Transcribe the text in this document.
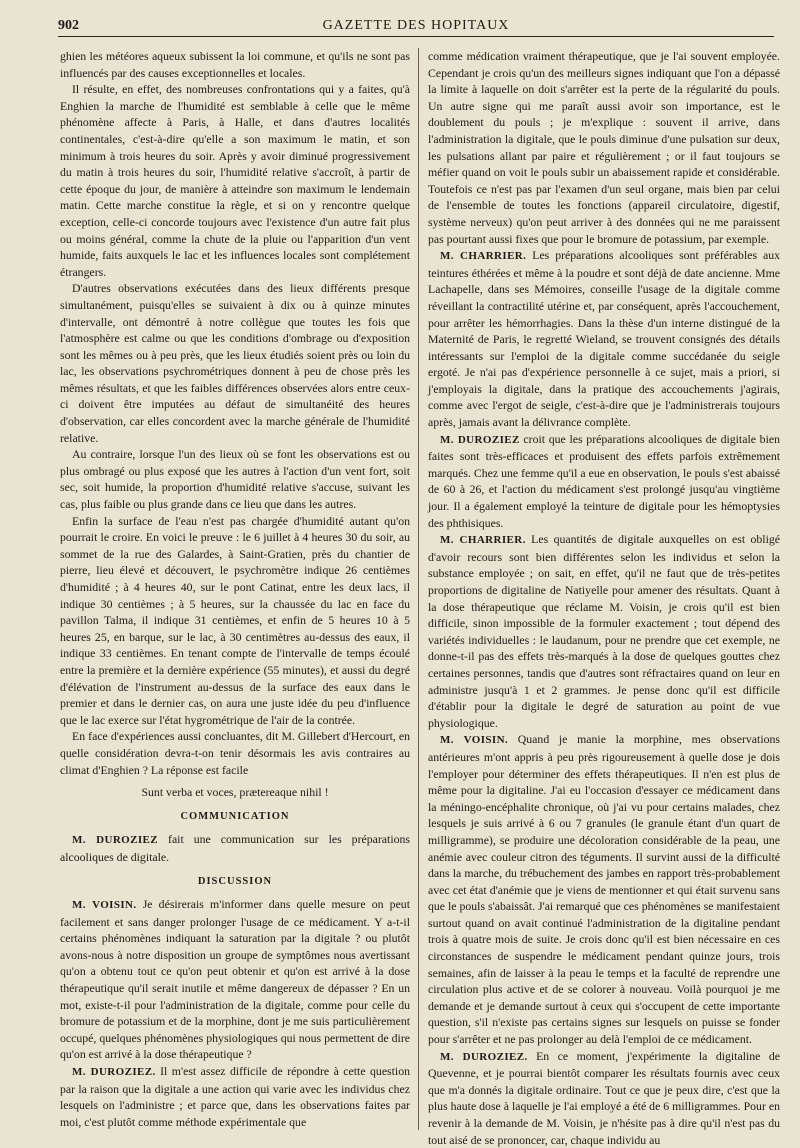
902	GAZETTE DES HOPITAUX

ghien les météores aqueux subissent la loi commune, et qu'ils ne sont pas influencés par des causes exceptionnelles et locales.

Il résulte, en effet, des nombreuses confrontations qui y a faites, qu'à Enghien la marche de l'humidité est semblable à celle que le même phénomène affecte à Paris, à Halle, et dans d'autres localités continentales, c'est-à-dire qu'elle a son maximum le matin, et son minimum à trois heures du soir. Après y avoir diminué progressivement du matin à trois heures du soir, l'humidité relative s'accroît, à partir de cette époque du jour, de manière à atteindre son maximum le lendemain matin. Cette marche constitue la règle, et si on y rencontre quelque exception, celle-ci concorde toujours avec l'existence d'un autre fait plus ou moins général, comme la chute de la pluie ou l'apparition d'un vent humide, faits auxquels le lac et les influences locales sont complétement étrangers.

D'autres observations exécutées dans des lieux différents presque simultanément, puisqu'elles se suivaient à dix ou à quinze minutes d'intervalle, ont démontré à notre collègue que toutes les fois que l'atmosphère est calme ou que les conditions d'ombrage ou d'exposition sont les mêmes ou à peu près, que les lieux étudiés soient près ou loin du lac, les observations psychrométriques donnent à peu de chose près les mêmes résultats, et que les faibles différences observées alors entre ceux-ci doivent être imputées au défaut de simultanéité des heures d'observation, car elles concordent avec la marche générale de l'humidité relative.

Au contraire, lorsque l'un des lieux où se font les observations est ou plus ombragé ou plus exposé que les autres à l'action d'un vent fort, soit sec, soit humide, la proportion d'humidité relative s'accuse, suivant les cas, plus faible ou plus grande dans ce lieu que dans les autres.

Enfin la surface de l'eau n'est pas chargée d'humidité autant qu'on pourrait le croire. En voici le preuve : le 6 juillet à 4 heures 30 du soir, au sommet de la rue des Galardes, à Saint-Gratien, près du chantier de pierre, lieu élevé et découvert, le psychromètre indique 26 centièmes d'humidité ; à 4 heures 40, sur le pont Catinat, entre les deux lacs, il indique 30 centièmes ; à 5 heures, sur la chaussée du lac en face du pavillon Talma, il indique 31 centièmes, et enfin de 5 heures 10 à 5 heures 25, en barque, sur le lac, à 30 centimètres au-dessus des eaux, il indique 33 centièmes. En tenant compte de l'intervalle de temps écoulé entre la première et la dernière expérience (55 minutes), et aussi du degré d'élévation de l'instrument au-dessus de la surface des eaux dans le premier et dans le dernier cas, on aura une juste idée du peu d'influence que le lac exerce sur l'état hygrométrique de l'air de la contrée.

En face d'expériences aussi concluantes, dit M. Gillebert d'Hercourt, en quelle considération devra-t-on tenir désormais les avis contraires au climat d'Enghien ? La réponse est facile

Sunt verba et voces, prætereaque nihil !

COMMUNICATION

M. DUROZIEZ fait une communication sur les préparations alcooliques de digitale.

DISCUSSION

M. VOISIN. Je désirerais m'informer dans quelle mesure on peut facilement et sans danger prolonger l'usage de ce médicament. Y a-t-il certains phénomènes indiquant la saturation par la digitale ? ou plutôt avons-nous à notre disposition un groupe de symptômes nous avertissant qu'on a obtenu tout ce qu'on peut obtenir et qu'on est arrivé à la dose thérapeutique qu'il serait inutile et même dangereux de dépasser ? En un mot, existe-t-il pour l'administration de la digitale, comme pour celle du bromure de potassium et de la morphine, dont je me suis particulièrement occupé, quelques phénomènes physiologiques qui nous permettent de dire qu'on est arrivé à la dose thérapeutique ?

M. DUROZIEZ. Il m'est assez difficile de répondre à cette question par la raison que la digitale a une action qui varie avec les individus chez lesquels on l'administre ; et parce que, dans les observations faites par moi, c'est plutôt comme méthode expérimentale que

comme médication vraiment thérapeutique, que je l'ai souvent employée. Cependant je crois qu'un des meilleurs signes indiquant que l'on a dépassé la limite à laquelle on doit s'arrêter est la perte de la régularité du pouls. Un autre signe qui me paraît aussi avoir son importance, est le doublement du pouls ; je m'explique : souvent il arrive, dans l'administration la digitale, que le pouls diminue d'une pulsation sur deux, les pulsations allant par paire et régulièrement ; or il faut toujours se méfier quand on voit le pouls subir un abaissement rapide et considérable. Toutefois ce n'est pas par l'examen d'un seul organe, mais bien par celui de l'ensemble de toutes les fonctions (appareil circulatoire, digestif, système nerveux) qu'on peut arriver à des données qui ne me paraissent pas pourtant aussi fixes que pour le bromure de potassium, par exemple.

M. CHARRIER. Les préparations alcooliques sont préférables aux teintures éthérées et même à la poudre et sont déjà de date ancienne. Mme Lachapelle, dans ses Mémoires, conseille l'usage de la digitale comme réveillant la contractilité utérine et, par conséquent, après l'accouchement, pour arrêter les hémorrhagies. Dans la thèse d'un interne distingué de la Maternité de Paris, le regretté Wieland, se trouvent consignés des détails intéressants sur l'emploi de la digitale comme succédanée du seigle ergoté. Je n'ai pas d'expérience personnelle à ce sujet, mais a priori, si j'employais la digitale, dans la pratique des accouchements j'agirais, comme avec l'ergot de seigle, c'est-à-dire que je l'administrerais toujours après, jamais avant la délivrance complète.

M. DUROZIEZ croit que les préparations alcooliques de digitale bien faites sont très-efficaces et produisent des effets parfois extrêmement marqués. Chez une femme qu'il a eue en observation, le pouls s'est abaissé de 60 à 26, et l'action du médicament s'est prolongé jusqu'au vingtième jour. Il a également employé la teinture de digitale pour les hémoptysies des phthisiques.

M. CHARRIER. Les quantités de digitale auxquelles on est obligé d'avoir recours sont bien différentes selon les individus et selon la substance employée ; on sait, en effet, qu'il ne faut que de très-petites proportions de digitaline de Natiyelle pour amener des résultats. Quant à la dose thérapeutique que réclame M. Voisin, je crois qu'il est bien difficile, sinon impossible de la formuler exactement ; tout dépend des variétés individuelles : le laudanum, pour ne prendre que cet exemple, ne donne-t-il pas des effets très-marqués à la dose de quelques gouttes chez certaines personnes, tandis que d'autres sont réfractaires quand on leur en administre jusqu'à 1 et 2 grammes. Je pense donc qu'il est difficile d'établir pour la digitale le degré de saturation au point de vue physiologique.

M. VOISIN. Quand je manie la morphine, mes observations antérieures m'ont appris à peu près rigoureusement à quelle dose je dois l'employer pour déterminer des effets thérapeutiques. Il n'en est plus de même pour la digitaline. J'ai eu l'occasion d'essayer ce médicament dans la méningo-encéphalite chronique, où j'ai vu pour certains malades, chez lesquels je suis arrivé à 6 ou 7 granules (le granule étant d'un quart de milligramme), se produire une décoloration considérable de la peau, une anémie avec couleur citron des téguments. Il survint aussi de la difficulté dans la marche, du trébuchement des jambes en rapport très-probablement avec cet état d'anémie que je viens de mentionner et qui était survenu sans que le pouls s'abaissât. J'ai remarqué que ces phénomènes se manifestaient surtout quand on avait continué l'administration de la digitaline pendant trois à quatre mois de suite. Je crois donc qu'il est bien nécessaire en ces circonstances de suspendre le médicament pendant quinze jours, trois semaines, afin de laisser à la peau le temps et la faculté de reprendre une circulation plus active et de se colorer à nouveau. Voilà pourquoi je me demande et je demande surtout à ceux qui s'occupent de cette importante question, s'il n'existe pas certains signes sur lesquels on puisse se fonder pour s'arrêter et ne pas prolonger au delà l'emploi de ce médicament.

M. DUROZIEZ. En ce moment, j'expérimente la digitaline de Quevenne, et je pourrai bientôt comparer les résultats fournis avec ceux que m'a donnés la digitale ordinaire. Tout ce que je peux dire, c'est que la plus haute dose à laquelle je l'ai employé a été de 6 milligrammes. Pour en revenir à la demande de M. Voisin, je n'hésite pas à dire qu'il n'est pas du tout aisé de se prononcer, car, chaque individu au
